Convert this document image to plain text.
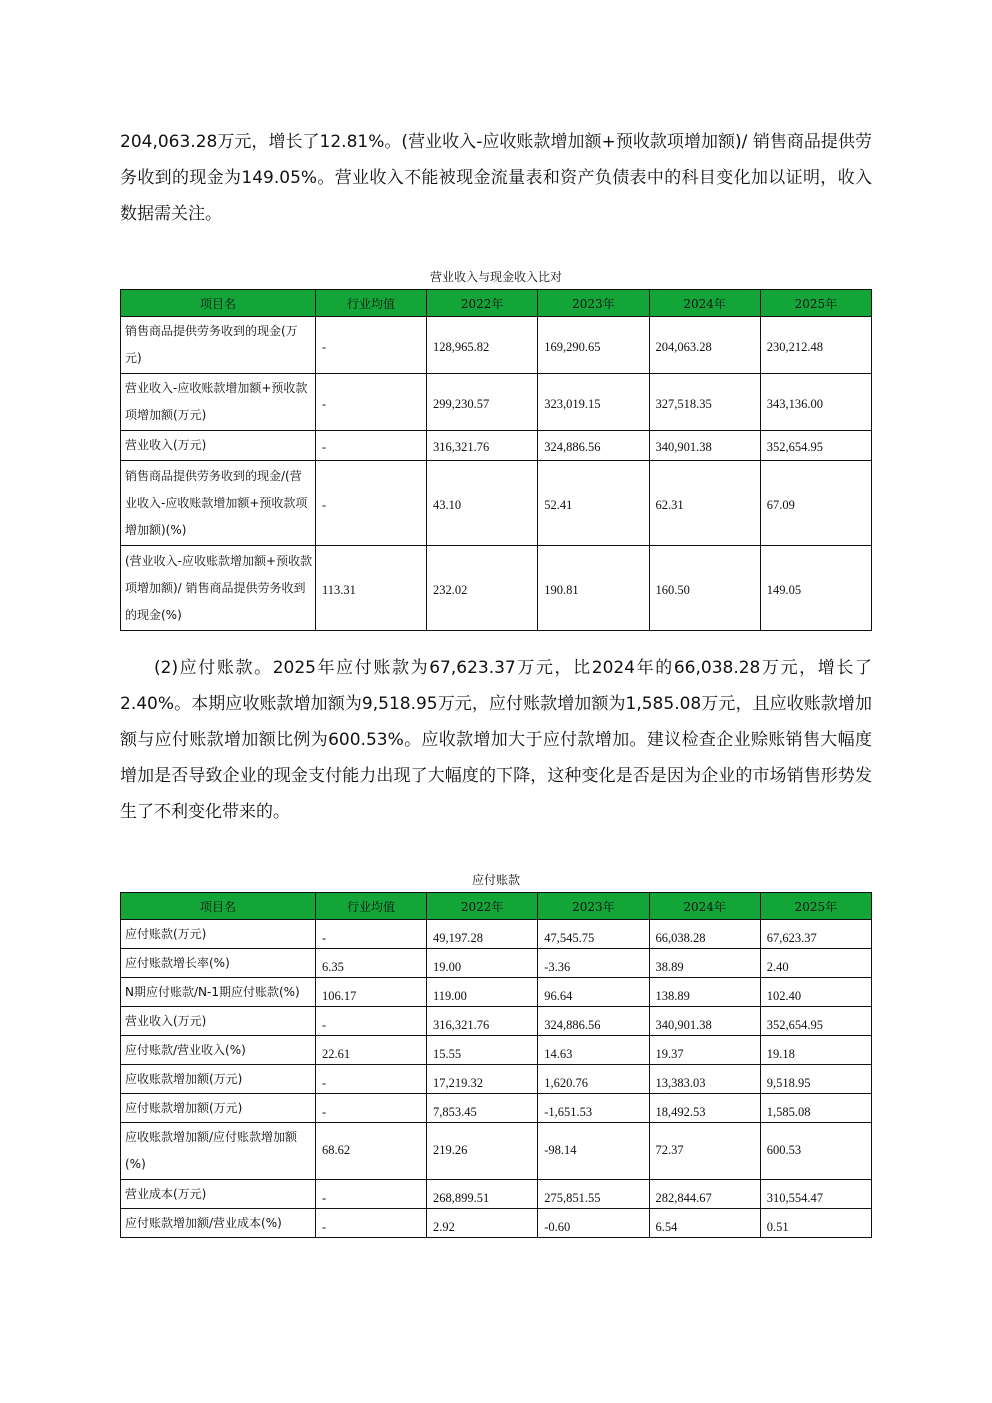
204,063.28万元，增长了12.81%。(营业收入-应收账款增加额+预收款项增加额)/ 销售商品提供劳务收到的现金为149.05%。营业收入不能被现金流量表和资产负债表中的科目变化加以证明，收入数据需关注。
营业收入与现金收入比对
项目名	行业均值	2022年	2023年	2024年	2025年
销售商品提供劳务收到的现金(万元)	-	128,965.82	169,290.65	204,063.28	230,212.48
营业收入-应收账款增加额+预收款项增加额(万元)	-	299,230.57	323,019.15	327,518.35	343,136.00
营业收入(万元)	-	316,321.76	324,886.56	340,901.38	352,654.95
销售商品提供劳务收到的现金/(营业收入-应收账款增加额+预收款项增加额)(%)	-	43.10	52.41	62.31	67.09
(营业收入-应收账款增加额+预收款项增加额)/ 销售商品提供劳务收到的现金(%)	113.31	232.02	190.81	160.50	149.05
(2)应付账款。2025年应付账款为67,623.37万元，比2024年的66,038.28万元，增长了2.40%。本期应收账款增加额为9,518.95万元，应付账款增加额为1,585.08万元，且应收账款增加额与应付账款增加额比例为600.53%。应收款增加大于应付款增加。建议检查企业赊账销售大幅度增加是否导致企业的现金支付能力出现了大幅度的下降，这种变化是否是因为企业的市场销售形势发生了不利变化带来的。
应付账款
项目名	行业均值	2022年	2023年	2024年	2025年
应付账款(万元)	-	49,197.28	47,545.75	66,038.28	67,623.37
应付账款增长率(%)	6.35	19.00	-3.36	38.89	2.40
N期应付账款/N-1期应付账款(%)	106.17	119.00	96.64	138.89	102.40
营业收入(万元)	-	316,321.76	324,886.56	340,901.38	352,654.95
应付账款/营业收入(%)	22.61	15.55	14.63	19.37	19.18
应收账款增加额(万元)	-	17,219.32	1,620.76	13,383.03	9,518.95
应付账款增加额(万元)	-	7,853.45	-1,651.53	18,492.53	1,585.08
应收账款增加额/应付账款增加额(%)	68.62	219.26	-98.14	72.37	600.53
营业成本(万元)	-	268,899.51	275,851.55	282,844.67	310,554.47
应付账款增加额/营业成本(%)	-	2.92	-0.60	6.54	0.51
